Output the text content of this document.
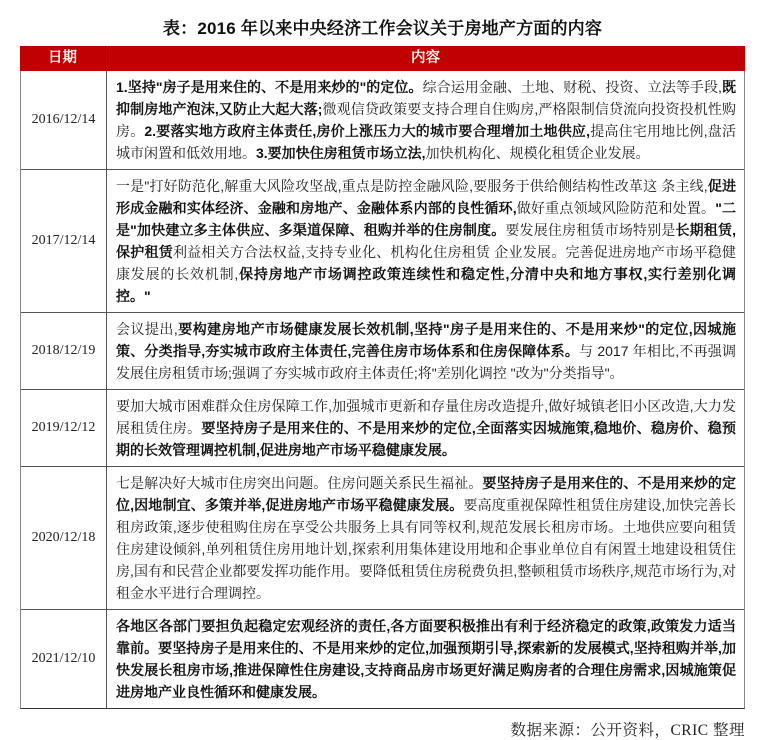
表：2016 年以来中央经济工作会议关于房地产方面的内容
日期	内容
2016/12/14
1.坚持"房子是用来住的、不是用来炒的"的定位。综合运用金融、土地、财税、投资、立法等手段,既抑制房地产泡沫,又防止大起大落;微观信贷政策要支持合理自住购房,严格限制信贷流向投资投机性购房。2.要落实地方政府主体责任,房价上涨压力大的城市要合理增加土地供应,提高住宅用地比例,盘活城市闲置和低效用地。3.要加快住房租赁市场立法,加快机构化、规模化租赁企业发展。
2017/12/14
一是"打好防范化,解重大风险攻坚战,重点是防控金融风险,要服务于供给侧结构性改革这 条主线,促进形成金融和实体经济、金融和房地产、金融体系内部的良性循环,做好重点领域风险防范和处置。"二是"加快建立多主体供应、多渠道保障、租购并举的住房制度。要发展住房租赁市场特别是长期租赁,保护租赁利益相关方合法权益,支持专业化、机构化住房租赁 企业发展。完善促进房地产市场平稳健康发展的长效机制,保持房地产市场调控政策连续性和稳定性,分清中央和地方事权,实行差别化调控。"
2018/12/19
会议提出,要构建房地产市场健康发展长效机制,坚持"房子是用来住的、不是用来炒"的定位,因城施策、分类指导,夯实城市政府主体责任,完善住房市场体系和住房保障体系。与 2017 年相比,不再强调发展住房租赁市场;强调了夯实城市政府主体责任;将"差别化调控 "改为"分类指导"。
2019/12/12
要加大城市困难群众住房保障工作,加强城市更新和存量住房改造提升,做好城镇老旧小区改造,大力发展租赁住房。要坚持房子是用来住的、不是用来炒的定位,全面落实因城施策,稳地价、稳房价、稳预期的长效管理调控机制,促进房地产市场平稳健康发展。
2020/12/18
七是解决好大城市住房突出问题。住房问题关系民生福祉。要坚持房子是用来住的、不是用来炒的定位,因地制宜、多策并举,促进房地产市场平稳健康发展。要高度重视保障性租赁住房建设,加快完善长租房政策,逐步使租购住房在享受公共服务上具有同等权利,规范发展长租房市场。土地供应要向租赁住房建设倾斜,单列租赁住房用地计划,探索利用集体建设用地和企事业单位自有闲置土地建设租赁住房,国有和民营企业都要发挥功能作用。要降低租赁住房税费负担,整顿租赁市场秩序,规范市场行为,对租金水平进行合理调控。
2021/12/10
各地区各部门要担负起稳定宏观经济的责任,各方面要积极推出有利于经济稳定的政策,政策发力适当靠前。要坚持房子是用来住的、不是用来炒的定位,加强预期引导,探索新的发展模式,坚持租购并举,加快发展长租房市场,推进保障性住房建设,支持商品房市场更好满足购房者的合理住房需求,因城施策促进房地产业良性循环和健康发展。
数据来源：公开资料，CRIC 整理
